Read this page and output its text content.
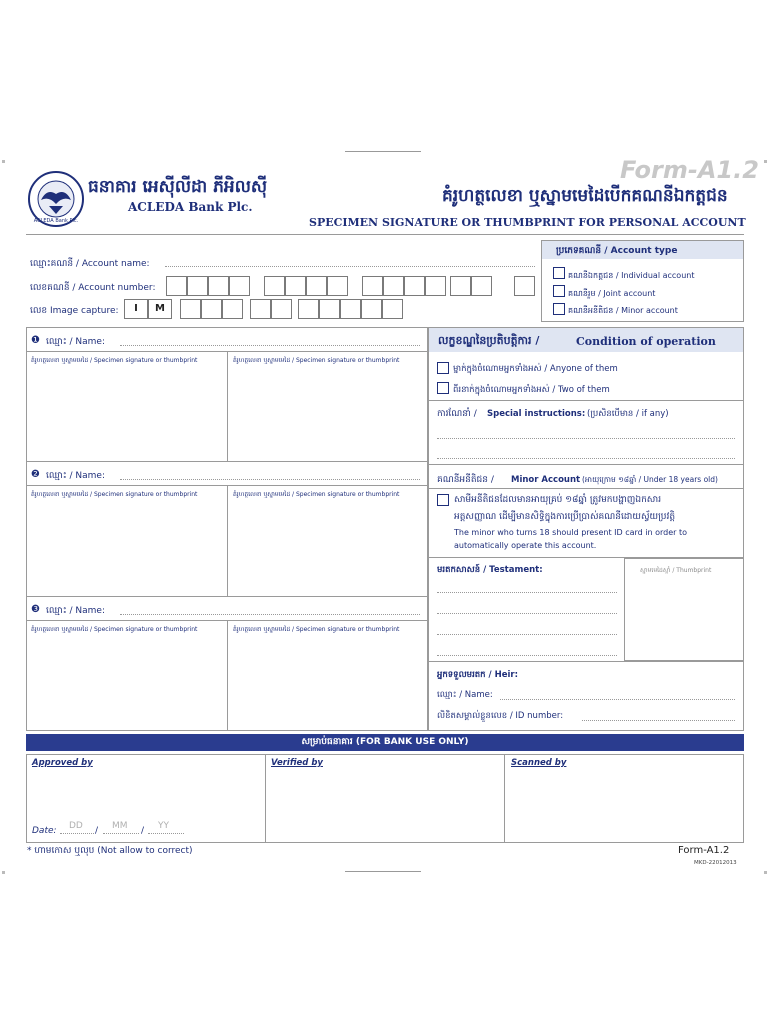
Form-A1.2
ACLEDA Bank Plc.
ធនាគារ អេស៊ីលីដា ភីអិលស៊ី
ACLEDA Bank Plc.
គំរូហត្ថលេខា ឬស្នាមមេដៃបើកគណនីឯកត្តជន
SPECIMEN SIGNATURE OR THUMBPRINT FOR PERSONAL ACCOUNT
ឈ្មោះគណនី / Account name:
លេខគណនី / Account number:
លេខ Image capture:	I	M
ប្រភេទគណនី / Account type
គណនីឯកត្តជន / Individual account
គណនីរួម / Joint account
គណនីអនីតិជន / Minor account
❶ ឈ្មោះ / Name:
គំរូហត្ថលេខា ឬស្នាមមេដៃ / Specimen signature or thumbprint	គំរូហត្ថលេខា ឬស្នាមមេដៃ / Specimen signature or thumbprint
❷ ឈ្មោះ / Name:
គំរូហត្ថលេខា ឬស្នាមមេដៃ / Specimen signature or thumbprint	គំរូហត្ថលេខា ឬស្នាមមេដៃ / Specimen signature or thumbprint
❸ ឈ្មោះ / Name:
គំរូហត្ថលេខា ឬស្នាមមេដៃ / Specimen signature or thumbprint	គំរូហត្ថលេខា ឬស្នាមមេដៃ / Specimen signature or thumbprint
លក្ខខណ្ឌនៃប្រតិបត្តិការ /	Condition of operation
ម្នាក់ក្នុងចំណោមអ្នកទាំងអស់ / Anyone of them
ពីរនាក់ក្នុងចំណោមអ្នកទាំងអស់ / Two of them
ការណែនាំ / Special instructions: (ប្រសិនបើមាន / if any)
គណនីអនីតិជន / Minor Account (អាយុក្រោម ១៨ឆ្នាំ / Under 18 years old)
សាមីអនីតិជនដែលមានអាយុគ្រប់ ១៨ឆ្នាំ ត្រូវមកបង្ហាញឯកសារ
អត្តសញ្ញាណ ដើម្បីមានសិទ្ធិក្នុងការប្រើប្រាស់គណនីដោយស្វ័យប្រវត្តិ
The minor who turns 18 should present ID card in order to
automatically operate this account.
មរតកសាសន៍ / Testament:	ស្នាមមេដៃស្តាំ / Thumbprint
អ្នកទទួលមរតក / Heir:
ឈ្មោះ / Name:
លិខិតសម្គាល់ខ្លួនលេខ / ID number:
សម្រាប់ធនាគារ (FOR BANK USE ONLY)
Approved by	Verified by	Scanned by
Date: DD / MM / YY
* ហាមកោស ឬលុប (Not allow to correct)	Form-A1.2
MKD-22012013
